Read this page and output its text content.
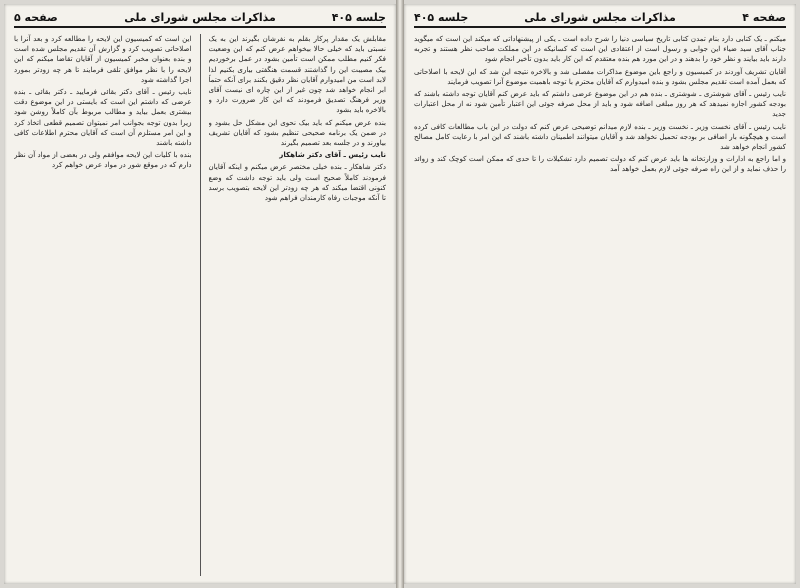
جلسه ۴۰۵
مذاکرات مجلس شورای ملی
صفحه ۵

مقابلش یک مقدار پرکار بقلم به نفرشان بگیرند این به یک نسبتی باید که خیلی حالا بیخواهم عرض کنم که این وضعیت فکر کنیم مطلب ممکن است تأمین بشود در عمل برخوردیم بیک مصیبت این را گذاشتند قسمت هنگفتی بیاری بکنیم لذا لابد است من امیدوارم آقایان نظر دقیق بکنند برای آنکه حتماً ابر انجام خواهد شد چون غیر از این چاره ای نیست آقای وزیر فرهنگ تصدیق فرمودند که این کار ضرورت دارد و بالاخره باید بشود

بنده عرض میکنم که باید بیک نحوی این مشکل حل بشود و در ضمن یک برنامه صحیحی تنظیم بشود که آقایان تشریف بیاورند و در جلسه بعد تصمیم بگیرند

نایب رئیس ـ آقای دکتر شاهکار

دکتر شاهکار ـ بنده خیلی مختصر عرض میکنم و اینکه آقایان فرمودند کاملاً صحیح است ولی باید توجه داشت که وضع کنونی اقتضا میکند که هر چه زودتر این لایحه بتصویب برسد تا آنکه موجبات رفاه کارمندان فراهم شود

این است که کمیسیون این لایحه را مطالعه کرد و بعد آنرا با اصلاحاتی تصویب کرد و گزارش آن تقدیم مجلس شده است و بنده بعنوان مخبر کمیسیون از آقایان تقاضا میکنم که این لایحه را با نظر موافق تلقی فرمایند تا هر چه زودتر بمورد اجرا گذاشته شود

نایب رئیس ـ آقای دکتر بقائی فرمایید ـ دکتر بقائی ـ بنده عرضی که داشتم این است که بایستی در این موضوع دقت بیشتری بعمل بیاید و مطالب مربوط بآن کاملاً روشن شود زیرا بدون توجه بجوانب امر نمیتوان تصمیم قطعی اتخاذ کرد و این امر مستلزم آن است که آقایان محترم اطلاعات کافی داشته باشند

بنده با کلیات این لایحه موافقم ولی در بعضی از مواد آن نظر دارم که در موقع شور در مواد عرض خواهم کرد

صفحه ۴
مذاکرات مجلس شورای ملی
جلسه ۴۰۵

میکنم ـ یک کتابی دارد بنام تمدن کتابی تاریخ سیاسی دنیا را شرح داده است ـ یکی از پیشنهاداتی که میکند این است که میگوید جناب آقای سید ضیاء این جوابی و رسول است از اعتقادی این است که کسانیکه در این مملکت صاحب نظر هستند و تجربه دارند باید بیایند و نظر خود را بدهند و در این مورد هم بنده معتقدم که این کار باید بدون تأخیر انجام شود

آقایان تشریف آوردند در کمیسیون و راجع باین موضوع مذاکرات مفصلی شد و بالاخره نتیجه این شد که این لایحه با اصلاحاتی که بعمل آمده است تقدیم مجلس بشود و بنده امیدوارم که آقایان محترم با توجه باهمیت موضوع آنرا تصویب فرمایند

نایب رئیس ـ آقای شوشتری ـ شوشتری ـ بنده هم در این موضوع عرضی داشتم که باید عرض کنم آقایان توجه داشته باشند که بودجه کشور اجازه نمیدهد که هر روز مبلغی اضافه شود و باید از محل صرفه جوئی این اعتبار تأمین شود نه از محل اعتبارات جدید

نایب رئیس ـ آقای نخست وزیر ـ نخست وزیر ـ بنده لازم میدانم توضیحی عرض کنم که دولت در این باب مطالعات کافی کرده است و هیچگونه بار اضافی بر بودجه تحمیل نخواهد شد و آقایان میتوانند اطمینان داشته باشند که این امر با رعایت کامل مصالح کشور انجام خواهد شد

و اما راجع به ادارات و وزارتخانه ها باید عرض کنم که دولت تصمیم دارد تشکیلات را تا حدی که ممکن است کوچک کند و زوائد را حذف نماید و از این راه صرفه جوئی لازم بعمل خواهد آمد
